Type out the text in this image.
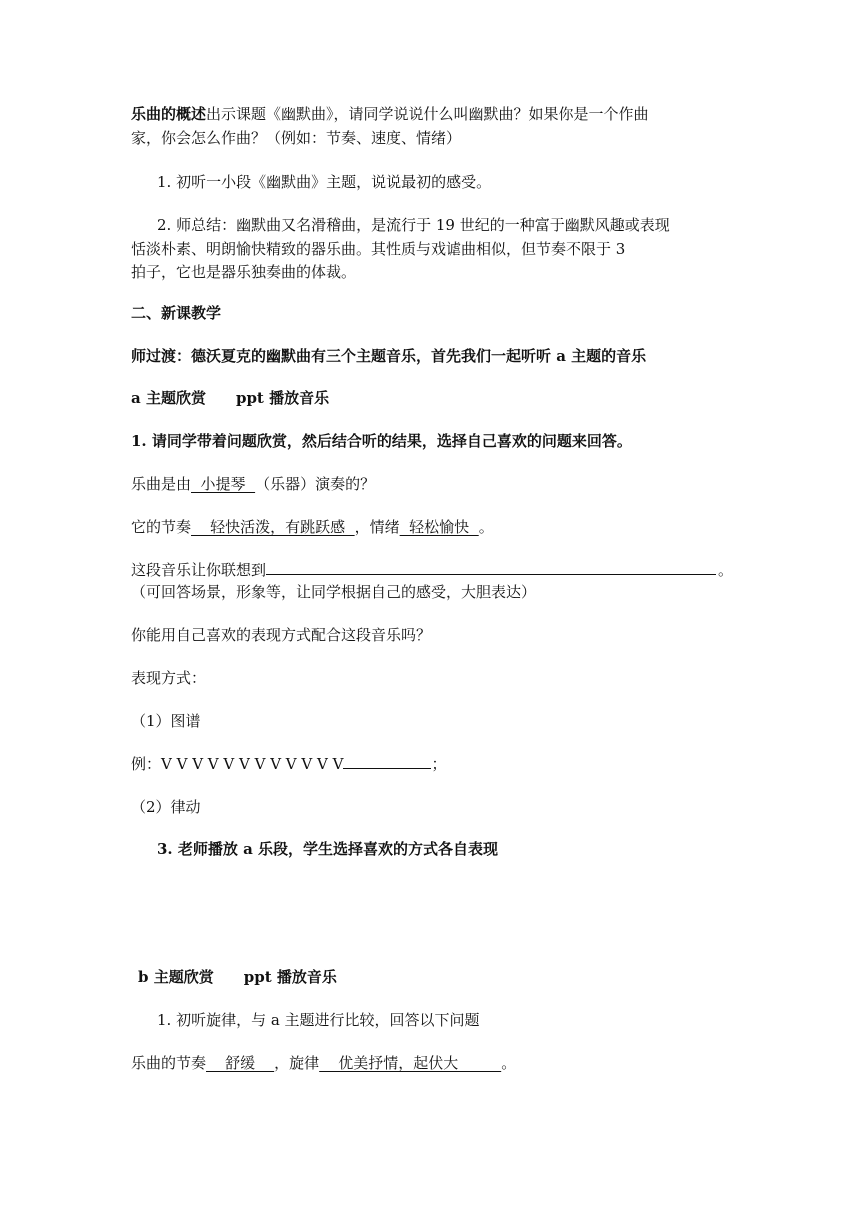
乐曲的概述出示课题《幽默曲》，请同学说说什么叫幽默曲？如果你是一个作曲
家，你会怎么作曲？（例如：节奏、速度、情绪）
1. 初听一小段《幽默曲》主题，说说最初的感受。
2. 师总结：幽默曲又名滑稽曲，是流行于 19 世纪的一种富于幽默风趣或表现
恬淡朴素、明朗愉快精致的器乐曲。其性质与戏谑曲相似，但节奏不限于 3
拍子，它也是器乐独奏曲的体裁。
二、新课教学
师过渡：德沃夏克的幽默曲有三个主题音乐，首先我们一起听听 a 主题的音乐
a 主题欣赏 ppt 播放音乐
1. 请同学带着问题欣赏，然后结合听的结果，选择自己喜欢的问题来回答。
乐曲是由  小提琴  （乐器）演奏的？
它的节奏    轻快活泼，有跳跃感  ，情绪  轻松愉快  。
这段音乐让你联想到	。
（可回答场景，形象等，让同学根据自己的感受，大胆表达）
你能用自己喜欢的表现方式配合这段音乐吗？
表现方式：
（1）图谱
例：V V V V V V V V V V V V	；
（2）律动
3. 老师播放 a 乐段，学生选择喜欢的方式各自表现
b 主题欣赏 ppt 播放音乐
1. 初听旋律，与 a 主题进行比较，回答以下问题
乐曲的节奏    舒缓    ，旋律    优美抒情，起伏大         。
